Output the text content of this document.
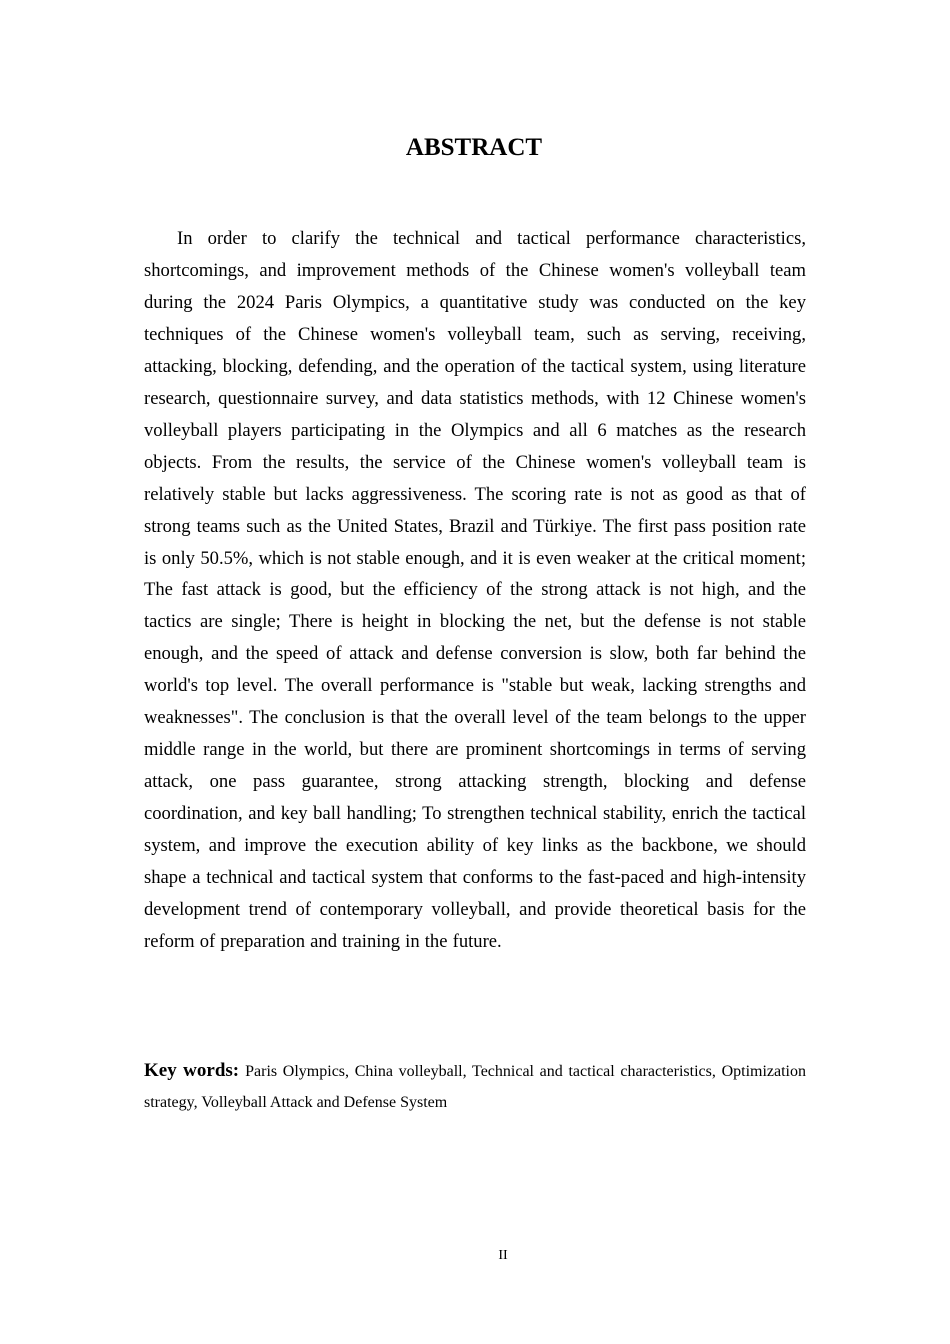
ABSTRACT

In order to clarify the technical and tactical performance characteristics, shortcomings, and improvement methods of the Chinese women's volleyball team during the 2024 Paris Olympics, a quantitative study was conducted on the key techniques of the Chinese women's volleyball team, such as serving, receiving, attacking, blocking, defending, and the operation of the tactical system, using literature research, questionnaire survey, and data statistics methods, with 12 Chinese women's volleyball players participating in the Olympics and all 6 matches as the research objects. From the results, the service of the Chinese women's volleyball team is relatively stable but lacks aggressiveness. The scoring rate is not as good as that of strong teams such as the United States, Brazil and Türkiye. The first pass position rate is only 50.5%, which is not stable enough, and it is even weaker at the critical moment; The fast attack is good, but the efficiency of the strong attack is not high, and the tactics are single; There is height in blocking the net, but the defense is not stable enough, and the speed of attack and defense conversion is slow, both far behind the world's top level. The overall performance is "stable but weak, lacking strengths and weaknesses". The conclusion is that the overall level of the team belongs to the upper middle range in the world, but there are prominent shortcomings in terms of serving attack, one pass guarantee, strong attacking strength, blocking and defense coordination, and key ball handling; To strengthen technical stability, enrich the tactical system, and improve the execution ability of key links as the backbone, we should shape a technical and tactical system that conforms to the fast-paced and high-intensity development trend of contemporary volleyball, and provide theoretical basis for the reform of preparation and training in the future.

Key words: Paris Olympics, China volleyball, Technical and tactical characteristics, Optimization strategy, Volleyball Attack and Defense System

II
